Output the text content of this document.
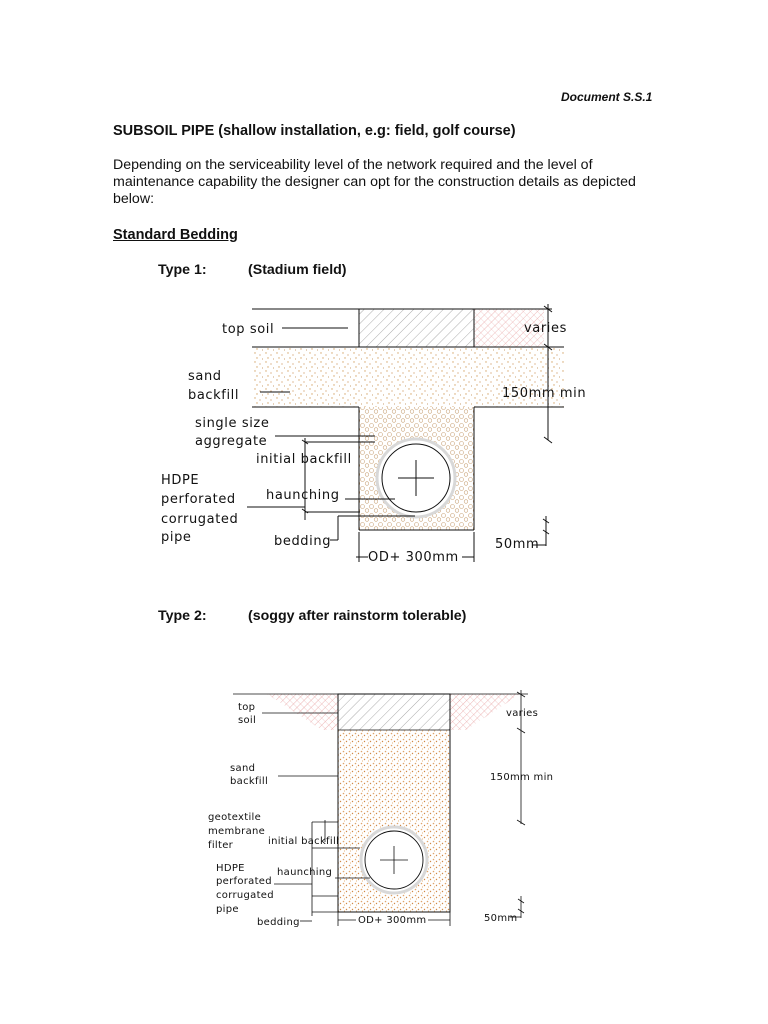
Document S.S.1
SUBSOIL PIPE (shallow installation, e.g: field, golf course)
Depending on the serviceability level of the network required and the level of maintenance capability the designer can opt for the construction details as depicted below:
Standard Bedding
Type 1:	(Stadium field)
Type 2:	(soggy after rainstorm tolerable)
top soil	varies
sand
backfill	150mm min
single size
aggregate
initial backfill
HDPE
perforated
corrugated
pipe
haunching
bedding
OD+ 300mm
50mm
top
soil
varies
sand
backfill	150mm min
geotextile
membrane
filter	initial backfill
HDPE
perforated
corrugated
pipe
haunching
bedding	OD+ 300mm	50mm
